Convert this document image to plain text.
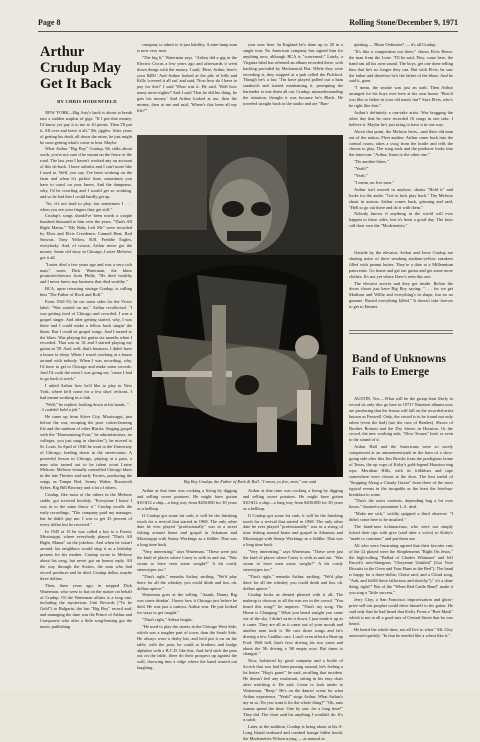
Page 8	Rolling Stone/December 9, 1971
Arthur Crudup May Get It Back
BY CHRIS HODENFIELD

NEW YORK—Big Arty's back is about to break into a sudden surplus of gigs. "If I put that money, I'd know yet pay it to me at 10 points. Then I'll put it. All over and leave it all," Mr. jiggles. After years of getting his dealt, all down the mine, he just might be soon getting what's come to him. Maybe.

What Arthur "Big Boy" Crudup, 66, talks about work, you're not sure if he meant on the fence or the road. The last year I haven't worked any on account of this sit-back. I have arthritis and I can't more like I used to. Well, you say, I've been working on the farm and when it's pickin' time, sometimes you have to crawl on your knees. And the dampness, why, I'd be crawling and I would get so working, and so he had that I could hardly get up.

"So, it's not hard to play, but sometimes I . . . when you see your fingers they get stiff."

Crudup's songs should've been worth a couple hundred thousand to him over the years. "That's All Right Mama," "My Baby Left Me" were recorded by Elvis and Elvis Creedence, Canned Heat, Rod Stewart, Tony Yellow, B.B. Freddie Eagles, everybody. And, of course, Arthur never got the money. Same old story in Chicago, Lester Melrose, got it all.

"Lester died a few years ago and was a very rich man," notes Dick Waterman, the blues promoter/director from Philly. "He died wealthy and I never knew any business that died wealthy."

BCA, upon reissuing vintage Crudup, is calling him "The Father of Rock and Roll."

From 1941-53, he cut some sides for the Victor label. "Was started on me," Arthur recollected. "I was getting tired of Chicago and crowded. I was a gospel singer. And after getting started, why, I was there and I could make a fellow back singin' the blues. But I could sit gospel songs. And I turned to the blues. Was playing the guitar six months when I recorded. That was in '41 and I started playing my guitar in '39. And, well, that's business. I didn't have a house to sleep. When I wasn't working at a house around with nobody. When I was recording, why, I'd have to get to Chicago and make some records. And I'd cook the meat I was going eat, 'cause I had to go back to work."

I asked Arthur how he'd like to play in New York, where he'd come for a few days' reckons. I had meant working in a club.

"Well," he replied, looking down at his hands, ". . . I couldn't hold a job."

He came up from Silver City, Mississippi, just before the war, escaping the poor cotton-farming life and the sunburn of other Blacks. Singing gospel with the "Harmonizing Four," he administrators, no colleges, you just sang in churches"), he moved to St. Louis. In April of 1940 he went to the University of Chicago, leading down in the streetcorner. A powerful lesson in Chicago, playing at a pass, a man who turned out to be talent scout Lester Melrose. Melrose virtually controlled Chicago blues in the late Thirties and early Forties, producing the songs as Tampa Red, Sonny Waker, Roosevelt Sykes, Big Bill Broonzy and a lot of others.

Crudup, like most of the others in the Melrose stable, got screwed horribly. "Everytime I knew I was in to the same throw it." Crudup recalls the early recordings. "The company paid my manager, but he didn't pay me. I was to get 35 percent of every dollar but he received."

In 1945 at 15 he was called a key to a Forest, Mississippi, where everybody played "That's All Right, Mama" on the jukebox. And when he wasn't around, his neighbors would sing it as a birthday present for his mother. Crudup wrote to Melrose about his song, but never got an honest reply. All the way through the Sixties, the man who had record producer and he died, Crudup dollar, maybe three dollars.

Then, three years ago, in stepped Dick Waterman, who went to bat on the matter on behalf of Crudup. Of the Waterman affairs is a long one, including the mysterious Unit Records ("To be Gold") to Bulgaria, the last "Big Boy" record and, and managing the time was the Prince of Arthur and Composers who after a little song-heating got the music publishing

company to admit to it-just liability. A nine-lump sum is now very near.

"The big 6," Waterman says. "Arthur did a gig in the Electric Circus a few years ago and afterwards it went down things with the money. I said, 'Here, Arthur, here's your $400.' And Arthur looked at the pile of bills and Kills 'covered it all out' and said, 'Now how do I have to pay for this?' I said 'What was it. He said, 'Well how many more nights?' And I said 'That he did his thing, he gets his money.' And Arthur looked at me, then the money, then at me and said, 'Where's this been all my life?'"

year now here. In England he's done up to 20 in a single tour. No American company has signed him for anything new, although RCA is "concerned." Lately, a Virginia label has released an album recorded there, with backing provided by Mechanical Flat. While they were recording it, they stopped at a pub called the Pickford. Though he's a bar. "I'm have played polled out a ham sandwich and started maintaining it, prompting the bartender to tear them all out. Crudup, misunderstanding the situation, thought it was because he's Black. He traveled straight back to the studio and are "Ban-

quitting — Blues Ordinaire? — it's all Crudup.

"It's like a competition out there," shows Elvis Reese, the man from the Lone. "I'll be said, 'Boy, come here, the band ran all his own sound. The boys, get one done telling him that he's no longer they can. But with Elvis, he saw the father and therefore he's the father of the blues. And he said it, gone.

"I mean, the smoke was just an oath. Then Arthur arranged for his boys over here at his own house. 'How'd you like to father in your old man's fun?' Says Elvis, who's he right like that."

Arthur's definitely a one-take artist. Was bragging the other day that he once recorded 16 songs in one take. I believe it. Maybe he's just tiring to have it in one way.

About that point, the Melrose heirs—and their old man out of the nation. Fleet auditor. Arthur come back into the control room, takes a swig from the bottle and tells the chorus to play. The song ends and the producer looks into the intercom: "Arthur, listen to the other one:"

"Do another blues."

"Yeah?"

"Yeah."

"I mean, on five men."

Arthur isn't moved in anyhow, shouts "Hold it" and looks for the audio. "Get to luck play back." The Melrose shout in unison. Arthur comes back, grinning and said, "Hell to go out there and do it with them."

Nobody knows if anything in the world will ever happen to these sides, but it's been a good day. The boys call their own the "Modernettes."

Big Boy Crudup, the Father of Rock & Roll: "I mean, yo five, man," one said

Arthur at that time was cooking a living by digging and selling sweet potatoes. He might have gotten $10-$12 a ship—a long way from $200,000 for 30 years as a bellhop.

If Crudup got some fat cash, it will be the finishing touch for a revival that started in 1968. The only other date he ever played "professionally" was in a street fishing around home and gospel in Arkansas and Mississippi with Sonny Workings as a fiddler. That was a long time back.

"Very interesting," says Waterman. "These were just the kind of places where Carey is with in and out. "Was swam to have seen some weight?" A bit costly stereotypes too."

"That's right," remarks Arthur, smiling. "We'd play there for all the whiskey you could drink and fun, oh, dollars apiece."

Waterman goes at the selling. "Aaaah, Danny Big was come drinkin'. I knew how it Chicago just before he died. He was just a cantoor, Arthur was. He just looked for ways to get caught."

"That's right," Arthur laughs.

"He used to play the streets in the Chicago West Side, which was a tougher part of town, than the South Side. He always wore a derby hat, and he'd put it on on the table, with the pear, he could at brothers and budge alphabet with a B.C.D. like this. And he'd stick the pear out on the table, there do their prospect up against the wall, throwing into a ridge where the band wasted out laughing.

Arthur at that time was cooking a living by digging and selling sweet potatoes. He might have gotten $10-$12 a ship—a long way from $200,000 for 30 years as a bellhop.

If Crudup got some fat cash, it will be the finishing touch for a revival that started in 1968. The only other date he ever played "professionally" was in a string of time fishing around home and gospel in Arkansas and Mississippi with Sonny Workings as a fiddler. That was a long time back.

"Very interesting," says Waterman. "These were just the kind of places where Carey is with in and out. "Was swam to have seen some weight?" A bit costly stereotypes too."

"That's right," remarks Arthur, smiling. "We'd play there for all the whiskey you could drink and fun, oh, dollars apiece."

Crudup looks as dented pleased with it all. The makeup is obvious to all the win ers in the crowd. "You heard this song?" he inquires. "That's my song. The Home is Changing." What you heard tonight you came out of the sky. I didn't write it down, I just made it up as it came. They are all as it came out of your mouth and another man took it. He cuts those songs and he's driving a few Cadillac cars. I can't even afford a Beat-up Ford. Well hell, that's how driving his two years and about the 'Hi driving a '68 empty now. But times is changin'."

Now, bolstered by good company and a bottle of Scotch that was had been passing around, he's feeling a lot better. "Hop's gone!" he said, recalling that incident. He doesn't feel any exuberant, sitting in his easy chair after watching it. He said. Come to look under to Waterman, "Beep." He's on the dancin' scene for what Arthur experience. "Yeah!" sings Arthur. What Arthur's my in so. Do you want it for the whole thing?" "Oh, nuts wanna spend the time. One by one, for a long time!" They did. The choir said his anything I wouldn't do. It's a catch.

Later, at the audition, Crudup is being about at his A-Long Island seaboard and combed lounge fallen booth, the Modernettes Wilson trying — as natural as

Outside by the elevator, Arthur and Jesse Crudup are sharing notes of three smoking stadium-yellow sneakers filled with peanut butter. They're a date at a Millennium pancreatic. Go home and get our guitar and get some more clothes. It's not yet where Dave's seen this one.

The elevator arrives and they get inside. Before the doors closes just have Big Boy saying: ". . . for we get Madison and Willie and everything's in shape, but no no gumme. Buried everything killed." It doesn't take forever to get to Emmet.

Band of Unknowns Fails to Emerge

AUSTIN, Tex.—What will be the group least likely to record its only disc go here in 1971? Nineteen albums now are producing that the lesson will fall on the recorded artist known as Fanwell. Only, the crowd is to be found not only talent (even the bad) (are the case of Beatles). Shows of Brother Bottom and the Dry Stereo in Houston. Or the crowd, the new working side, "Slow Texans" lead, or even to the sound of it.

Arthur Hall and the Americans were so sorely compressed at an amusement-park in the barn of a slow-going side after this Jim Brooks from the prodigious home of Texas, the up copy of Kirby's gold-legend Houston ring tops. Meridian Hills, with its folkblues and rape somewhere were closest at the door. The first earful of "Stopping Along a Cloudy Guitar" from three of the most typical events in the incapable as the feast the fried-up-breakfast to some.

"That's the outer contexts, depending bug a lot over hours," shouted a prominent L.A. deal.

"Make me sick," swiftly quipped a third observer. "I didn't come here to be insulted."

The band-uses itchimacinza, who were not simply ticked their tips with give (said after a voice) to Kirby's "made to continue," and put them out.

All who were frustrating agreed that their favorite cuts of the 12 played were the Simplements "Right On Jesus," the high-rolling "Ballad of Charles Whitman" and Jeff Knock's new-bluegrass "Cheyenne Untitled" (Got Your Biscuits in the Oven and Your Buns in the Bed"). The band is happy for a three-dollar, Christ said, and a Cloud song, "Aah, and fulfill these fallacious and sketchy")," it's a done thing, right?" But of the "When Red Cattle Band" made it you sing a "little success."

Jerry Cloy, a San Francisco improvisation and ghost-prize sell-out prophet could drive himself to his guitar. He said only that he had heard that Kirby Frons a "Best Mask" which is not at all a good mix of Central Street that ho was heard.

He heard the whole time, not all live to what." Mr. Cloy answered quickly. "In that he needed like a wheat like it."
